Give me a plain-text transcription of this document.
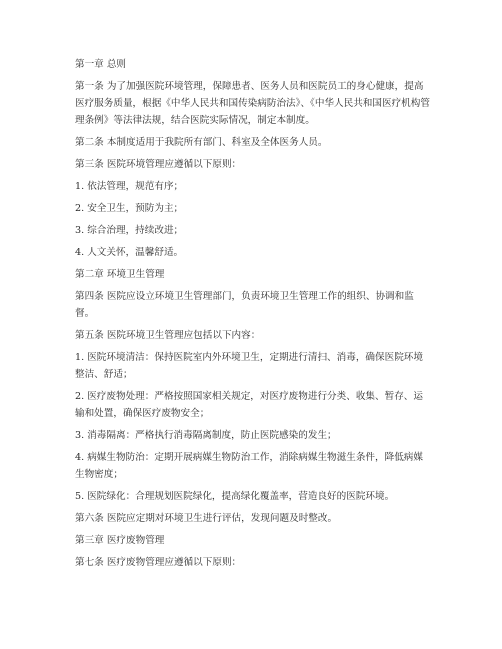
第一章 总则

第一条 为了加强医院环境管理，保障患者、医务人员和医院员工的身心健康，提高医疗服务质量，根据《中华人民共和国传染病防治法》、《中华人民共和国医疗机构管理条例》等法律法规，结合医院实际情况，制定本制度。

第二条 本制度适用于我院所有部门、科室及全体医务人员。

第三条 医院环境管理应遵循以下原则：

1. 依法管理，规范有序；

2. 安全卫生，预防为主；

3. 综合治理，持续改进；

4. 人文关怀，温馨舒适。

第二章 环境卫生管理

第四条 医院应设立环境卫生管理部门，负责环境卫生管理工作的组织、协调和监督。

第五条 医院环境卫生管理应包括以下内容：

1. 医院环境清洁：保持医院室内外环境卫生，定期进行清扫、消毒，确保医院环境整洁、舒适；

2. 医疗废物处理：严格按照国家相关规定，对医疗废物进行分类、收集、暂存、运输和处置，确保医疗废物安全；

3. 消毒隔离：严格执行消毒隔离制度，防止医院感染的发生；

4. 病媒生物防治：定期开展病媒生物防治工作，消除病媒生物滋生条件，降低病媒生物密度；

5. 医院绿化：合理规划医院绿化，提高绿化覆盖率，营造良好的医院环境。

第六条 医院应定期对环境卫生进行评估，发现问题及时整改。

第三章 医疗废物管理

第七条 医疗废物管理应遵循以下原则：
